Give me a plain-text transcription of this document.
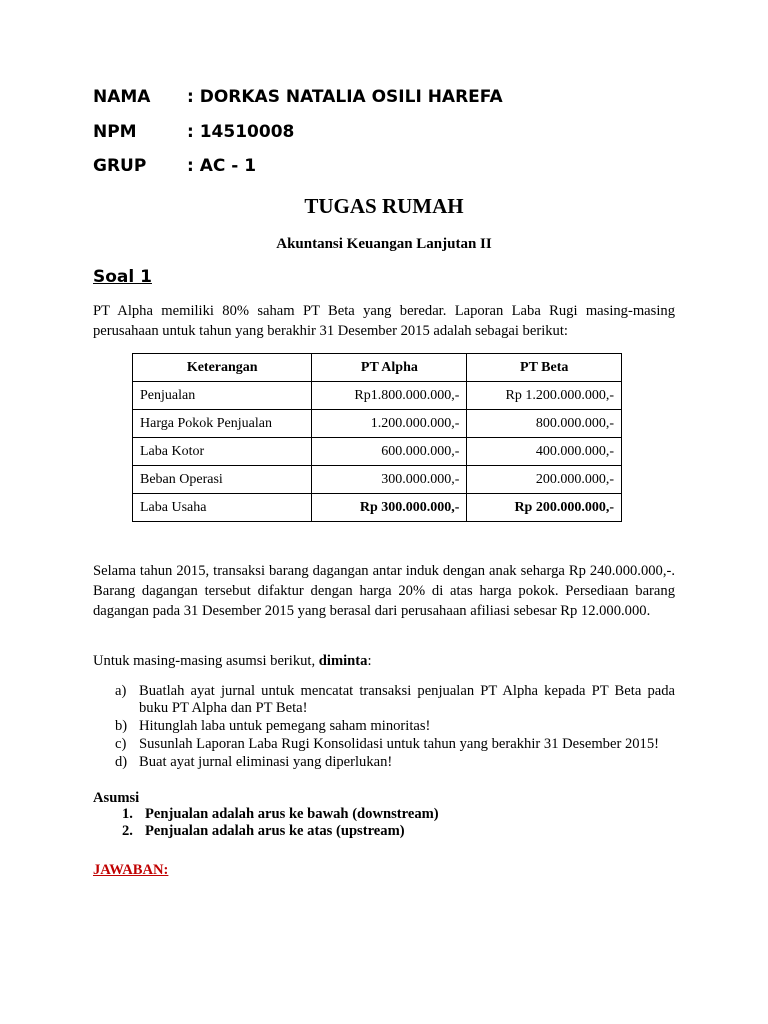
NAMA : DORKAS NATALIA OSILI HAREFA
NPM	: 14510008
GRUP : AC - 1
TUGAS RUMAH
Akuntansi Keuangan Lanjutan II
Soal 1
PT Alpha memiliki 80% saham PT Beta yang beredar. Laporan Laba Rugi masing-masing perusahaan untuk tahun yang berakhir 31 Desember 2015 adalah sebagai berikut:
Keterangan	PT Alpha	PT Beta
Penjualan	Rp1.800.000.000,-	Rp 1.200.000.000,-
Harga Pokok Penjualan	1.200.000.000,-	800.000.000,-
Laba Kotor	600.000.000,-	400.000.000,-
Beban Operasi	300.000.000,-	200.000.000,-
Laba Usaha	Rp 300.000.000,-	Rp 200.000.000,-
Selama tahun 2015, transaksi barang dagangan antar induk dengan anak seharga Rp 240.000.000,-. Barang dagangan tersebut difaktur dengan harga 20% di atas harga pokok. Persediaan barang dagangan pada 31 Desember 2015 yang berasal dari perusahaan afiliasi sebesar Rp 12.000.000.
Untuk masing-masing asumsi berikut, diminta:
a) Buatlah ayat jurnal untuk mencatat transaksi penjualan PT Alpha kepada PT Beta pada buku PT Alpha dan PT Beta!
b) Hitunglah laba untuk pemegang saham minoritas!
c) Susunlah Laporan Laba Rugi Konsolidasi untuk tahun yang berakhir 31 Desember 2015!
d) Buat ayat jurnal eliminasi yang diperlukan!
Asumsi
1. Penjualan adalah arus ke bawah (downstream)
2. Penjualan adalah arus ke atas (upstream)
JAWABAN:
